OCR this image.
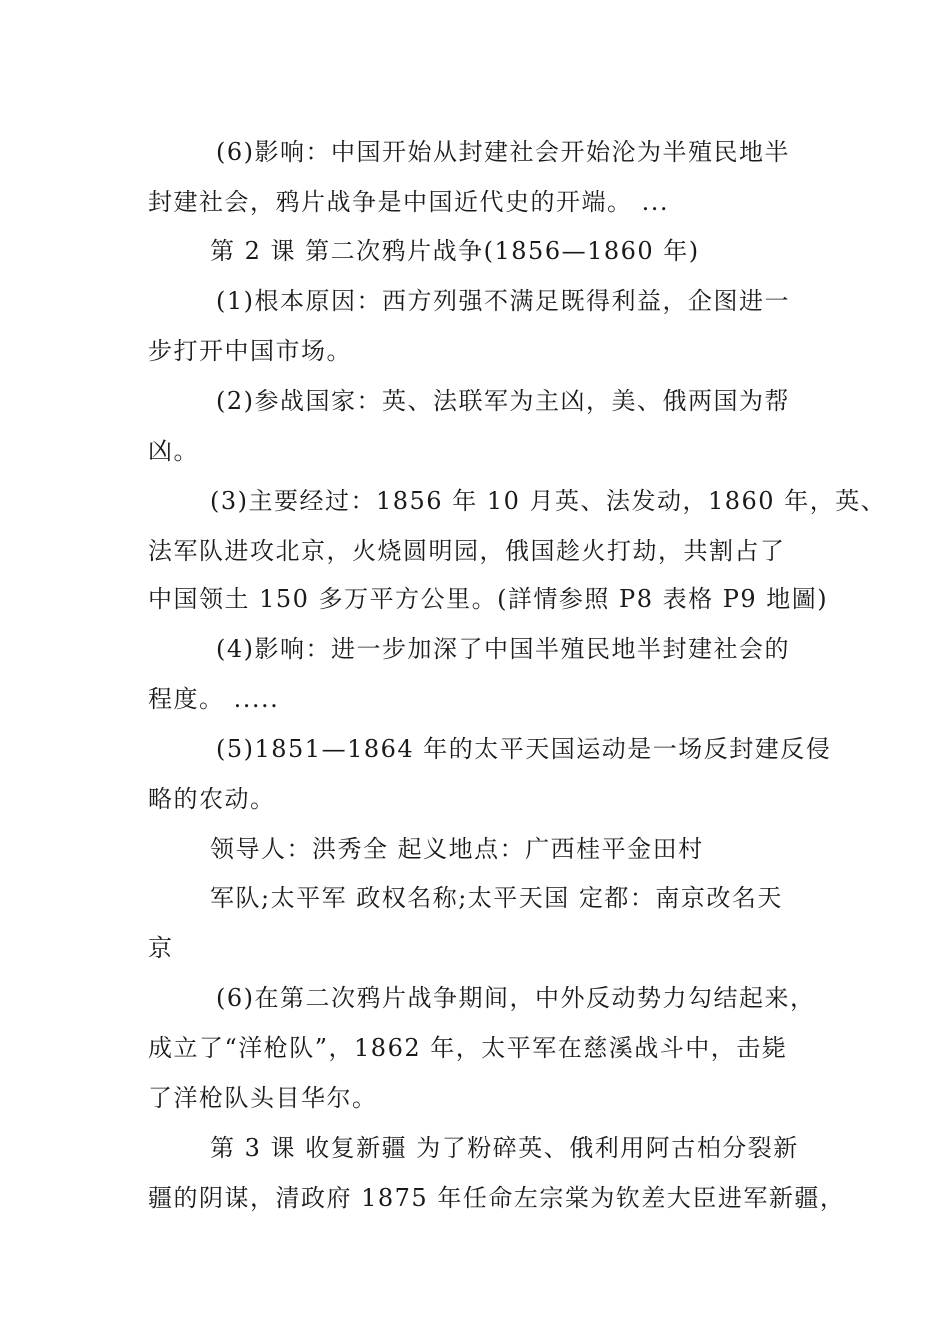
(6)影响：中国开始从封建社会开始沦为半殖民地半
封建社会，鸦片战争是中国近代史的开端。 ...
第 2 课 第二次鸦片战争(1856—1860 年)
(1)根本原因：西方列强不满足既得利益，企图进一
步打开中国市场。
(2)参战国家：英、法联军为主凶，美、俄两国为帮
凶。
(3)主要经过：1856 年 10 月英、法发动，1860 年，英、
法军队进攻北京，火烧圆明园，俄国趁火打劫，共割占了
中国领土 150 多万平方公里。(詳情参照 P8 表格 P9 地圖)
(4)影响：进一步加深了中国半殖民地半封建社会的
程度。 .....
(5)1851—1864 年的太平天国运动是一场反封建反侵
略的农动。
领导人：洪秀全 起义地点：广西桂平金田村
军队;太平军 政权名称;太平天国 定都：南京改名天
京
(6)在第二次鸦片战争期间，中外反动势力勾结起来，
成立了“洋枪队”，1862 年，太平军在慈溪战斗中，击毙
了洋枪队头目华尔。
第 3 课 收复新疆 为了粉碎英、俄利用阿古柏分裂新
疆的阴谋，清政府 1875 年任命左宗棠为钦差大臣进军新疆，
